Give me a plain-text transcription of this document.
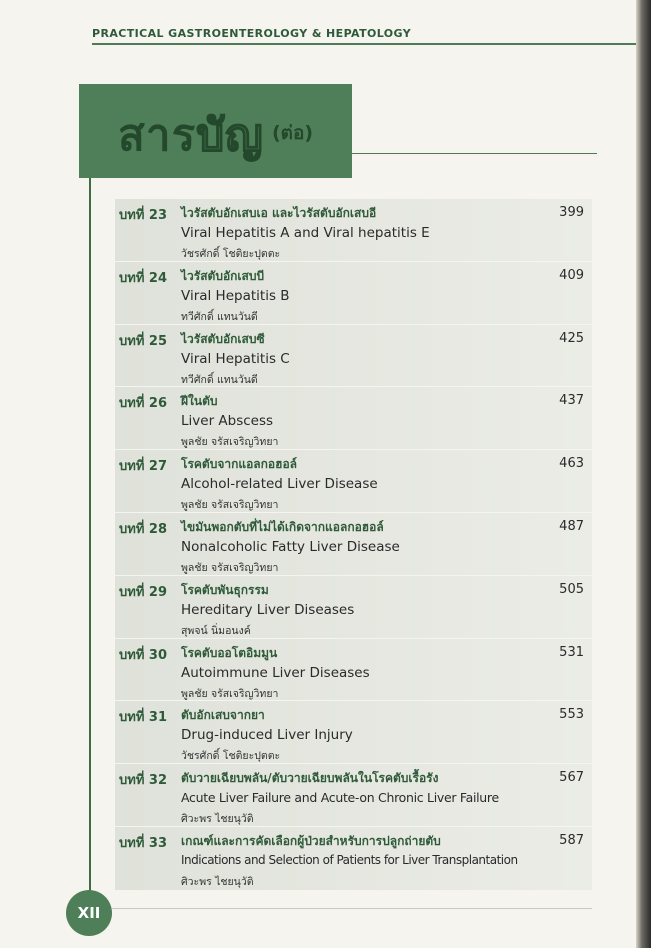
PRACTICAL GASTROENTEROLOGY & HEPATOLOGY
สารบัญ (ต่อ)
บทที่ 23 ไวรัสตับอักเสบเอ และไวรัสตับอักเสบอี
Viral Hepatitis A and Viral hepatitis E
วัชรศักดิ์ โชติยะปุตตะ
399
บทที่ 24 ไวรัสตับอักเสบบี
Viral Hepatitis B
ทวีศักดิ์ แทนวันดี
409
บทที่ 25 ไวรัสตับอักเสบซี
Viral Hepatitis C
ทวีศักดิ์ แทนวันดี
425
บทที่ 26 ฝีในตับ
Liver Abscess
พูลชัย จรัสเจริญวิทยา
437
บทที่ 27 โรคตับจากแอลกอฮอล์
Alcohol-related Liver Disease
พูลชัย จรัสเจริญวิทยา
463
บทที่ 28 ไขมันพอกตับที่ไม่ได้เกิดจากแอลกอฮอล์
Nonalcoholic Fatty Liver Disease
พูลชัย จรัสเจริญวิทยา
487
บทที่ 29 โรคตับพันธุกรรม
Hereditary Liver Diseases
สุพจน์ นิ่มอนงค์
505
บทที่ 30 โรคตับออโตอิมมูน
Autoimmune Liver Diseases
พูลชัย จรัสเจริญวิทยา
531
บทที่ 31 ตับอักเสบจากยา
Drug-induced Liver Injury
วัชรศักดิ์ โชติยะปุตตะ
553
บทที่ 32 ตับวายเฉียบพลัน/ตับวายเฉียบพลันในโรคตับเรื้อรัง
Acute Liver Failure and Acute-on Chronic Liver Failure
ศิวะพร ไชยนุวัติ
567
บทที่ 33 เกณฑ์และการคัดเลือกผู้ป่วยสำหรับการปลูกถ่ายตับ
Indications and Selection of Patients for Liver Transplantation
ศิวะพร ไชยนุวัติ
587
XII
